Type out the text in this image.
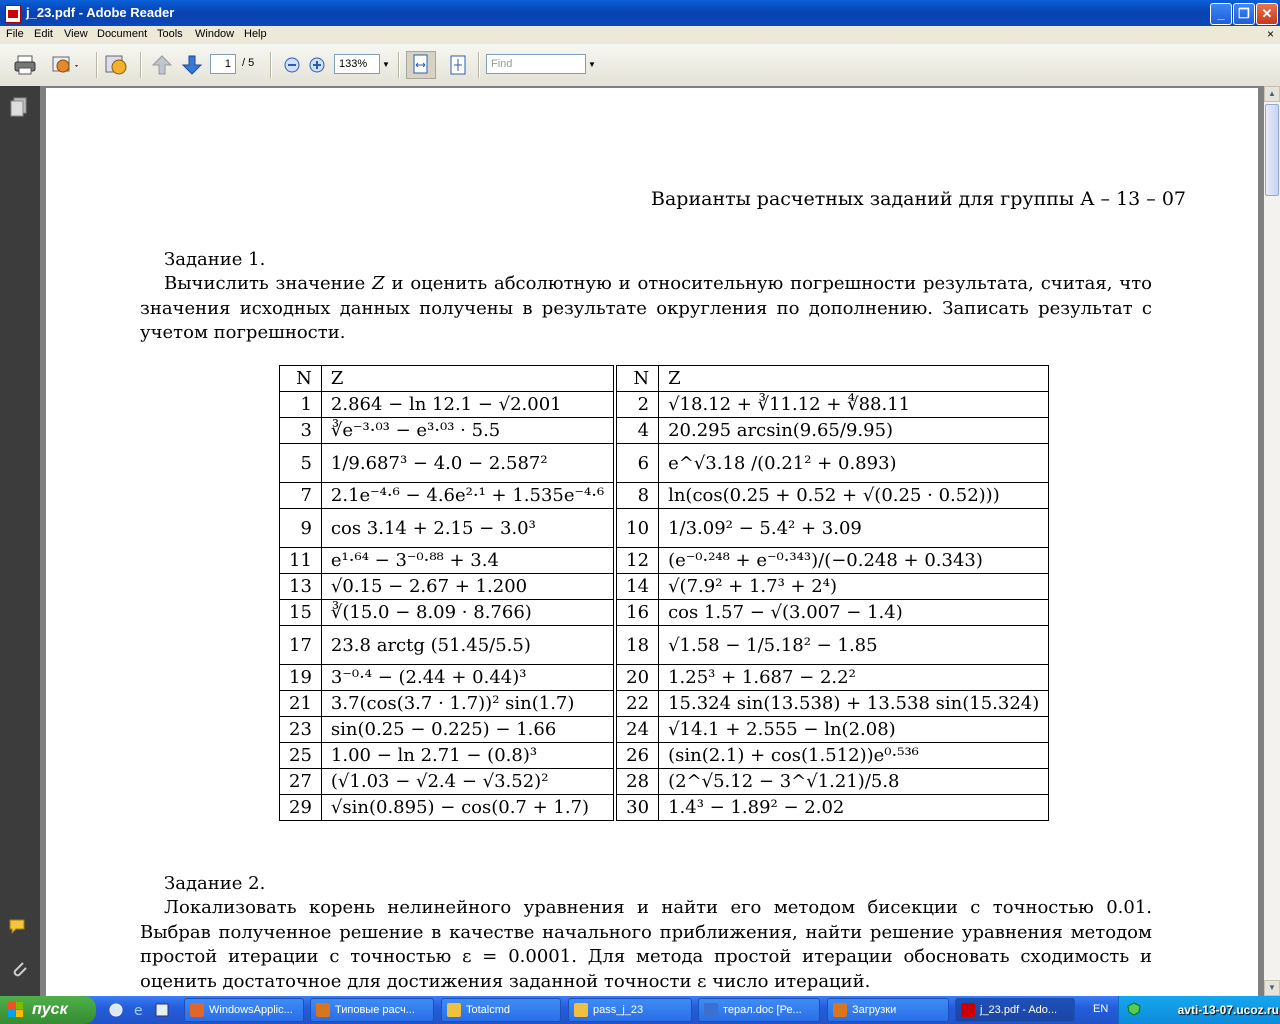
j_23.pdf - Adobe Reader	_	❐ ✕
File Edit View Document Tools Window Help	×
1	/ 5	133%	▼	Find	▼
Варианты расчетных заданий для группы А – 13 – 07
Задание 1.
Вычислить значение Z и оценить абсолютную и относительную погрешности результата, считая, что значения исходных данных получены в результате округления по дополнению. Записать результат с учетом погрешности.
N	Z	N	Z
1	2.864 − ln 12.1 − √2.001	2	√18.12 + ∛11.12 + ∜88.11
3	∛e⁻³·⁰³ − e³·⁰³ · 5.5	4	20.295 arcsin(9.65/9.95)
5	1/9.687³ − 4.0 − 2.587²	6	e^√3.18 /(0.21² + 0.893)
7	2.1e⁻⁴·⁶ − 4.6e²·¹ + 1.535e⁻⁴·⁶	8	ln(cos(0.25 + 0.52 + √(0.25 · 0.52)))
9	cos 3.14 + 2.15 − 3.0³	10	1/3.09² − 5.4² + 3.09
11	e¹·⁶⁴ − 3⁻⁰·⁸⁸ + 3.4	12	(e⁻⁰·²⁴⁸ + e⁻⁰·³⁴³)/(−0.248 + 0.343)
13	√0.15 − 2.67 + 1.200	14	√(7.9² + 1.7³ + 2⁴)
15	∛(15.0 − 8.09 · 8.766)	16	cos 1.57 − √(3.007 − 1.4)
17	23.8 arctg (51.45/5.5)	18	√1.58 − 1/5.18² − 1.85
19	3⁻⁰·⁴ − (2.44 + 0.44)³	20	1.25³ + 1.687 − 2.2²
21	3.7(cos(3.7 · 1.7))² sin(1.7)	22	15.324 sin(13.538) + 13.538 sin(15.324)
23	sin(0.25 − 0.225) − 1.66	24	√14.1 + 2.555 − ln(2.08)
25	1.00 − ln 2.71 − (0.8)³	26	(sin(2.1) + cos(1.512))e⁰·⁵³⁶
27	(√1.03 − √2.4 − √3.52)²	28	(2^√5.12 − 3^√1.21)/5.8
29	√sin(0.895) − cos(0.7 + 1.7)	30	1.4³ − 1.89² − 2.02
Задание 2.
Локализовать корень нелинейного уравнения и найти его методом бисекции с точностью 0.01. Выбрав полученное решение в качестве начального приближения, найти решение уравнения методом простой итерации с точностью ε = 0.0001. Для метода простой итерации обосновать сходимость и оценить достаточное для достижения заданной точности ε число итераций.
▲
▼
пуск	e	WindowsApplic...	Типовые расч...	Totalcmd	pass_j_23	терал.doc [Ре...	Загрузки	j_23.pdf - Ado...	EN	avti-13-07.ucoz.ru
